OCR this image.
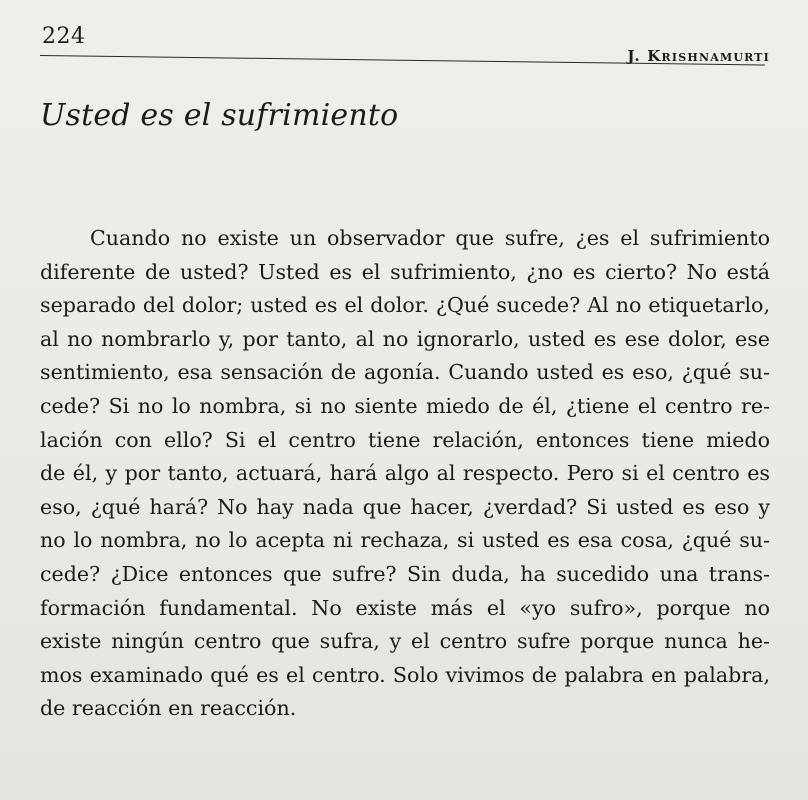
224
J. Krishnamurti
Usted es el sufrimiento
Cuando no existe un observador que sufre, ¿es el sufrimiento
diferente de usted? Usted es el sufrimiento, ¿no es cierto? No está
separado del dolor; usted es el dolor. ¿Qué sucede? Al no etiquetarlo,
al no nombrarlo y, por tanto, al no ignorarlo, usted es ese dolor, ese
sentimiento, esa sensación de agonía. Cuando usted es eso, ¿qué su-
cede? Si no lo nombra, si no siente miedo de él, ¿tiene el centro re-
lación con ello? Si el centro tiene relación, entonces tiene miedo
de él, y por tanto, actuará, hará algo al respecto. Pero si el centro es
eso, ¿qué hará? No hay nada que hacer, ¿verdad? Si usted es eso y
no lo nombra, no lo acepta ni rechaza, si usted es esa cosa, ¿qué su-
cede? ¿Dice entonces que sufre? Sin duda, ha sucedido una trans-
formación fundamental. No existe más el «yo sufro», porque no
existe ningún centro que sufra, y el centro sufre porque nunca he-
mos examinado qué es el centro. Solo vivimos de palabra en palabra,
de reacción en reacción.
